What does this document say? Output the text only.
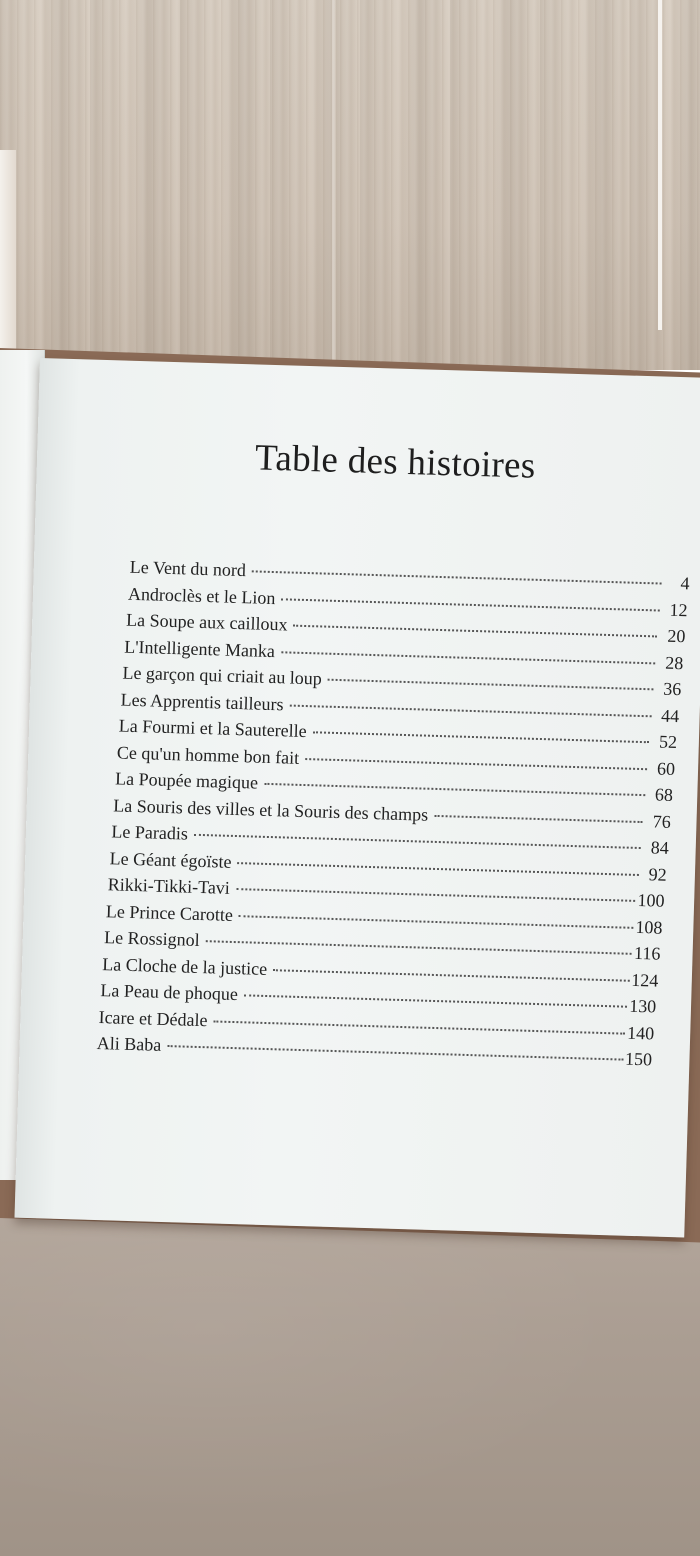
Table des histoires
Le Vent du nord
4
Androclès et le Lion
12
La Soupe aux cailloux
20
L'Intelligente Manka
28
Le garçon qui criait au loup
36
Les Apprentis tailleurs
44
La Fourmi et la Sauterelle
52
Ce qu'un homme bon fait
60
La Poupée magique
68
La Souris des villes et la Souris des champs	76
Le Paradis
84
Le Géant égoïste
92
Rikki-Tikki-Tavi
100
Le Prince Carotte
108
Le Rossignol
116
La Cloche de la justice
124
La Peau de phoque
130
Icare et Dédale
140
Ali Baba
150
